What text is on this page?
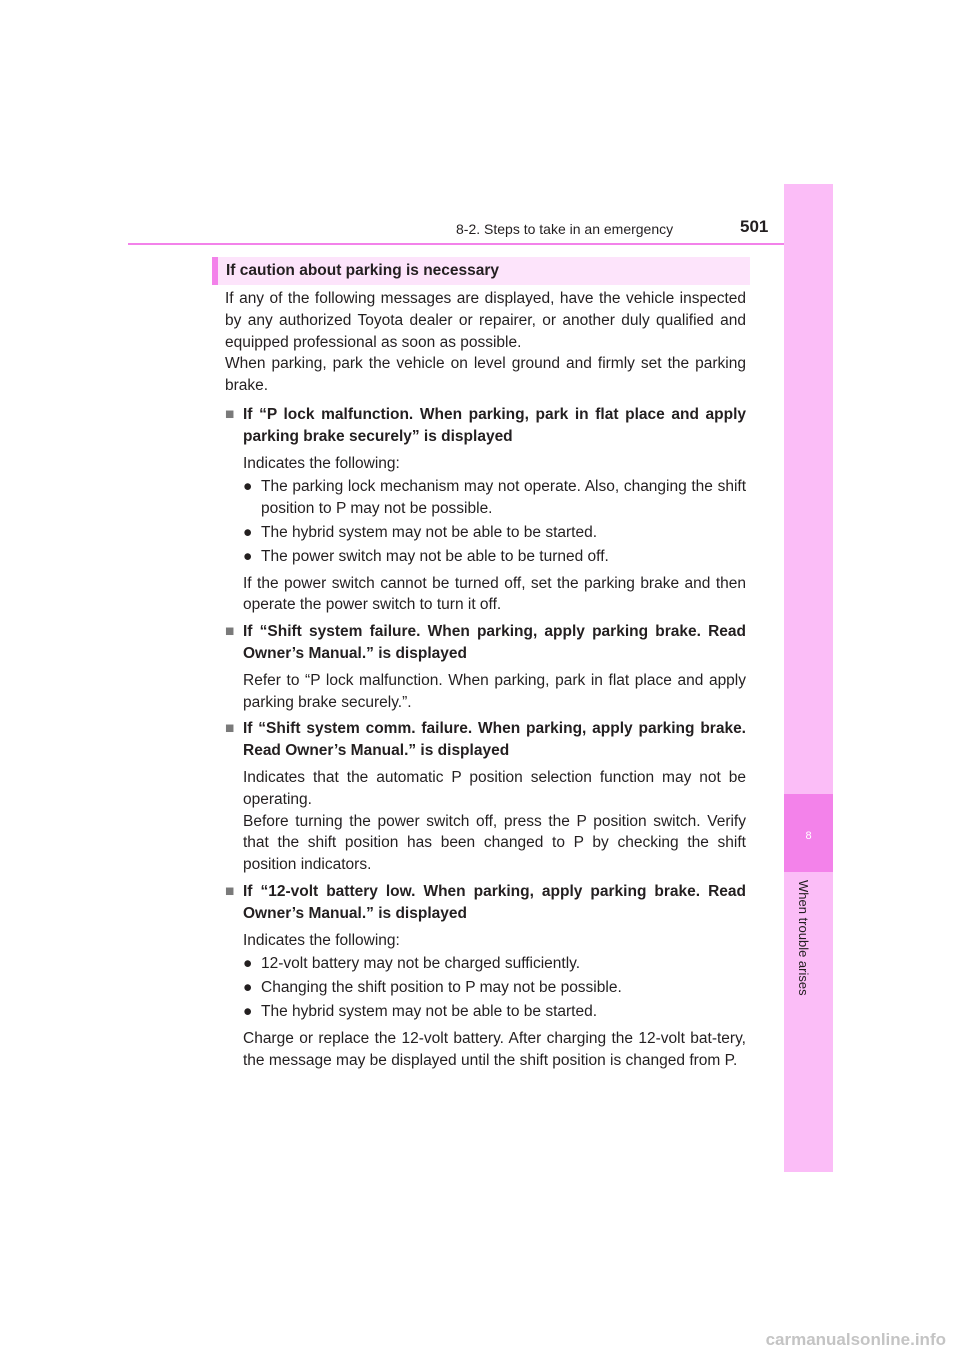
8
When trouble arises
8-2. Steps to take in an emergency	501
If caution about parking is necessary

If any of the following messages are displayed, have the vehicle inspected by any authorized Toyota dealer or repairer, or another duly qualified and equipped professional as soon as possible.

When parking, park the vehicle on level ground and firmly set the parking brake.

■ If “P lock malfunction. When parking, park in flat place and apply parking brake securely” is displayed
Indicates the following:
● The parking lock mechanism may not operate. Also, changing the shift position to P may not be possible.
● The hybrid system may not be able to be started.
● The power switch may not be able to be turned off.
If the power switch cannot be turned off, set the parking brake and then operate the power switch to turn it off.
■ If “Shift system failure. When parking, apply parking brake. Read Owner’s Manual.” is displayed
Refer to “P lock malfunction. When parking, park in flat place and apply parking brake securely.”.
■ If “Shift system comm. failure. When parking, apply parking brake. Read Owner’s Manual.” is displayed
Indicates that the automatic P position selection function may not be operating.
Before turning the power switch off, press the P position switch. Verify that the shift position has been changed to P by checking the shift position indicators.
■ If “12-volt battery low. When parking, apply parking brake. Read Owner’s Manual.” is displayed
Indicates the following:
● 12-volt battery may not be charged sufficiently.
● Changing the shift position to P may not be possible.
● The hybrid system may not be able to be started.
Charge or replace the 12-volt battery. After charging the 12-volt bat-tery, the message may be displayed until the shift position is changed from P.
carmanualsonline.info
